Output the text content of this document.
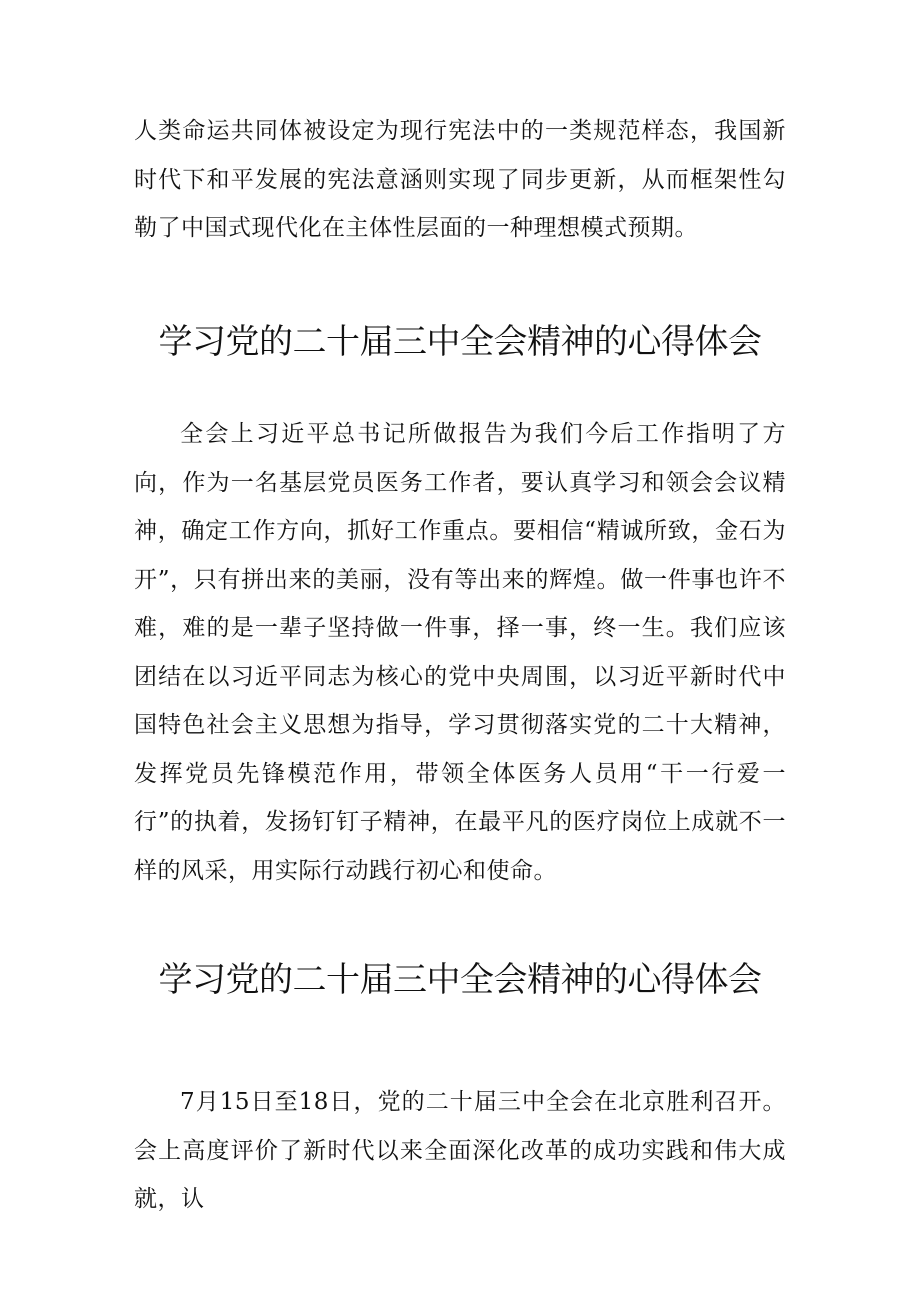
人类命运共同体被设定为现行宪法中的一类规范样态，我国新时代下和平发展的宪法意涵则实现了同步更新，从而框架性勾勒了中国式现代化在主体性层面的一种理想模式预期。

学习党的二十届三中全会精神的心得体会

全会上习近平总书记所做报告为我们今后工作指明了方向，作为一名基层党员医务工作者，要认真学习和领会会议精神，确定工作方向，抓好工作重点。要相信“精诚所致，金石为开”，只有拼出来的美丽，没有等出来的辉煌。做一件事也许不难，难的是一辈子坚持做一件事，择一事，终一生。我们应该团结在以习近平同志为核心的党中央周围，以习近平新时代中国特色社会主义思想为指导，学习贯彻落实党的二十大精神，发挥党员先锋模范作用，带领全体医务人员用“干一行爱一行”的执着，发扬钉钉子精神，在最平凡的医疗岗位上成就不一样的风采，用实际行动践行初心和使命。

学习党的二十届三中全会精神的心得体会

7月15日至18日，党的二十届三中全会在北京胜利召开。会上高度评价了新时代以来全面深化改革的成功实践和伟大成就，认
